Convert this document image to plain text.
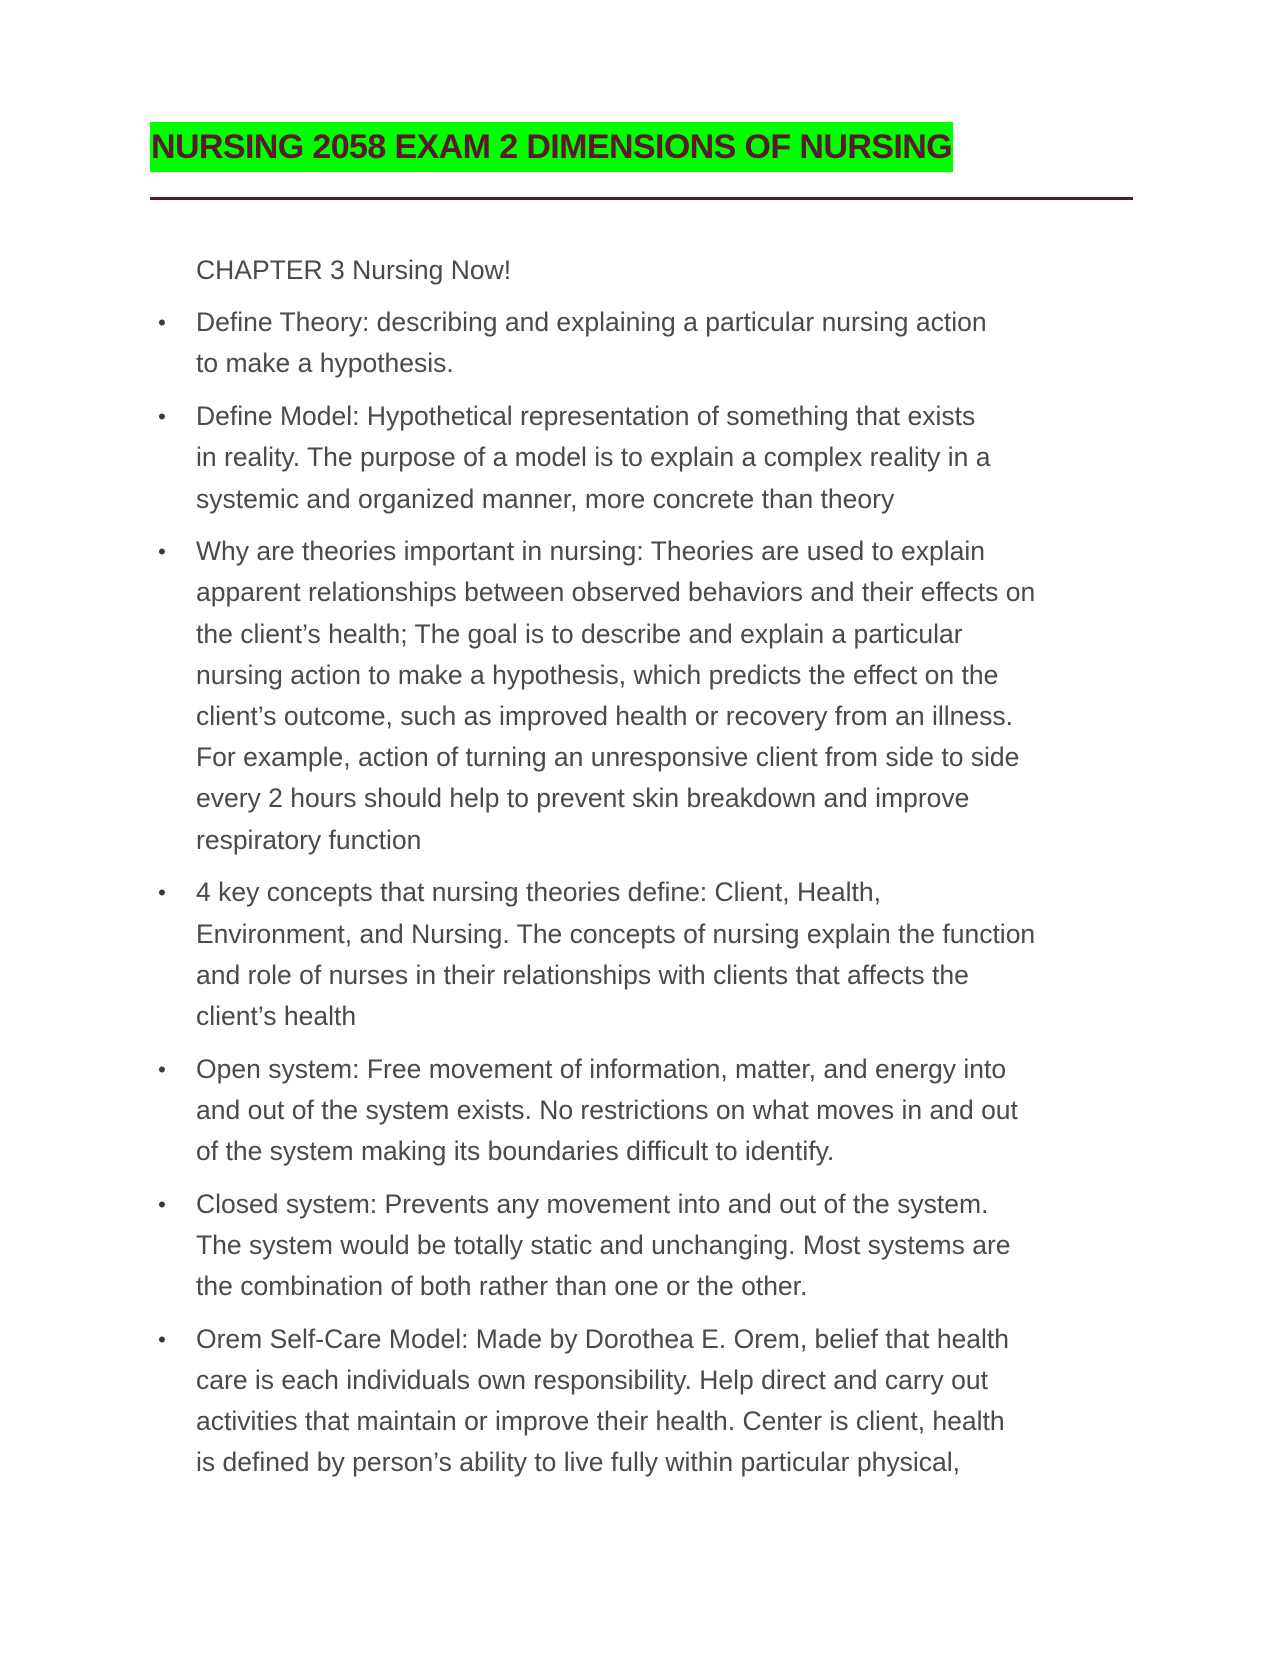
NURSING 2058 EXAM 2 DIMENSIONS OF NURSING
CHAPTER 3 Nursing Now!
• Define Theory: describing and explaining a particular nursing action
to make a hypothesis.
• Define Model: Hypothetical representation of something that exists
in reality. The purpose of a model is to explain a complex reality in a
systemic and organized manner, more concrete than theory
• Why are theories important in nursing: Theories are used to explain
apparent relationships between observed behaviors and their effects on
the client’s health; The goal is to describe and explain a particular
nursing action to make a hypothesis, which predicts the effect on the
client’s outcome, such as improved health or recovery from an illness.
For example, action of turning an unresponsive client from side to side
every 2 hours should help to prevent skin breakdown and improve
respiratory function
• 4 key concepts that nursing theories define: Client, Health,
Environment, and Nursing. The concepts of nursing explain the function
and role of nurses in their relationships with clients that affects the
client’s health
• Open system: Free movement of information, matter, and energy into
and out of the system exists. No restrictions on what moves in and out
of the system making its boundaries difficult to identify.
• Closed system: Prevents any movement into and out of the system.
The system would be totally static and unchanging. Most systems are
the combination of both rather than one or the other.
• Orem Self-Care Model: Made by Dorothea E. Orem, belief that health
care is each individuals own responsibility. Help direct and carry out
activities that maintain or improve their health. Center is client, health
is defined by person’s ability to live fully within particular physical,
